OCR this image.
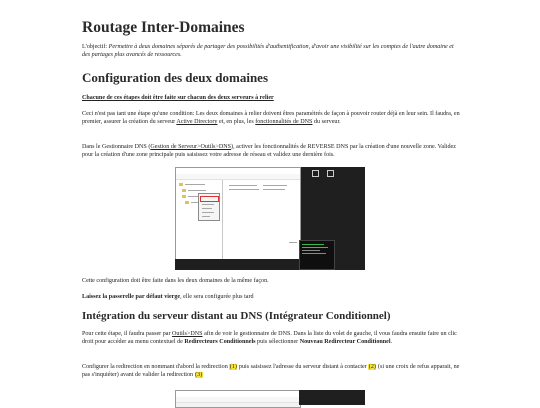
Routage Inter-Domaines

L'objectif: Permettre à deux domaines séparés de partager des possibilités d'authentification, d'avoir une visibilité sur les comptes de l'autre domaine et des partages plus avancés de ressources.

Configuration des deux domaines

Chacune de ces étapes doit être faite sur chacun des deux serveurs à relier

Ceci n'est pas tant une étape qu'une condition: Les deux domaines à relier doivent êtres paramétrés de façon à pouvoir router déjà en leur sein. Il faudra, en premier, assurer la création du serveur Active Directory et, en plus, les fonctionnalités de DNS du serveur.

Dans le Gestionnaire DNS (Gestion de Serveur>Outils>DNS), activer les fonctionnalités de REVERSE DNS par la création d'une nouvelle zone. Validez pour la création d'une zone principale puis saisissez votre adresse de réseau et validez une dernière fois.

Cette configuration doit être faite dans les deux domaines de la même façon.

Laissez la passerelle par défaut vierge, elle sera configurée plus tard

Intégration du serveur distant au DNS (Intégrateur Conditionnel)

Pour cette étape, il faudra passer par Outils>DNS afin de voir le gestionnaire de DNS. Dans la liste du volet de gauche, il vous faudra ensuite faire un clic droit pour accéder au menu contextuel de Redirecteurs Conditionnels puis sélectionner Nouveau Redirecteur Conditionnel.

Configurer la redirection en nommant d'abord la redirection (1) puis saisissez l'adresse du serveur distant à contacter (2) (si une croix de refus apparait, ne pas s'inquiéter) avant de valider la redirection (3)
